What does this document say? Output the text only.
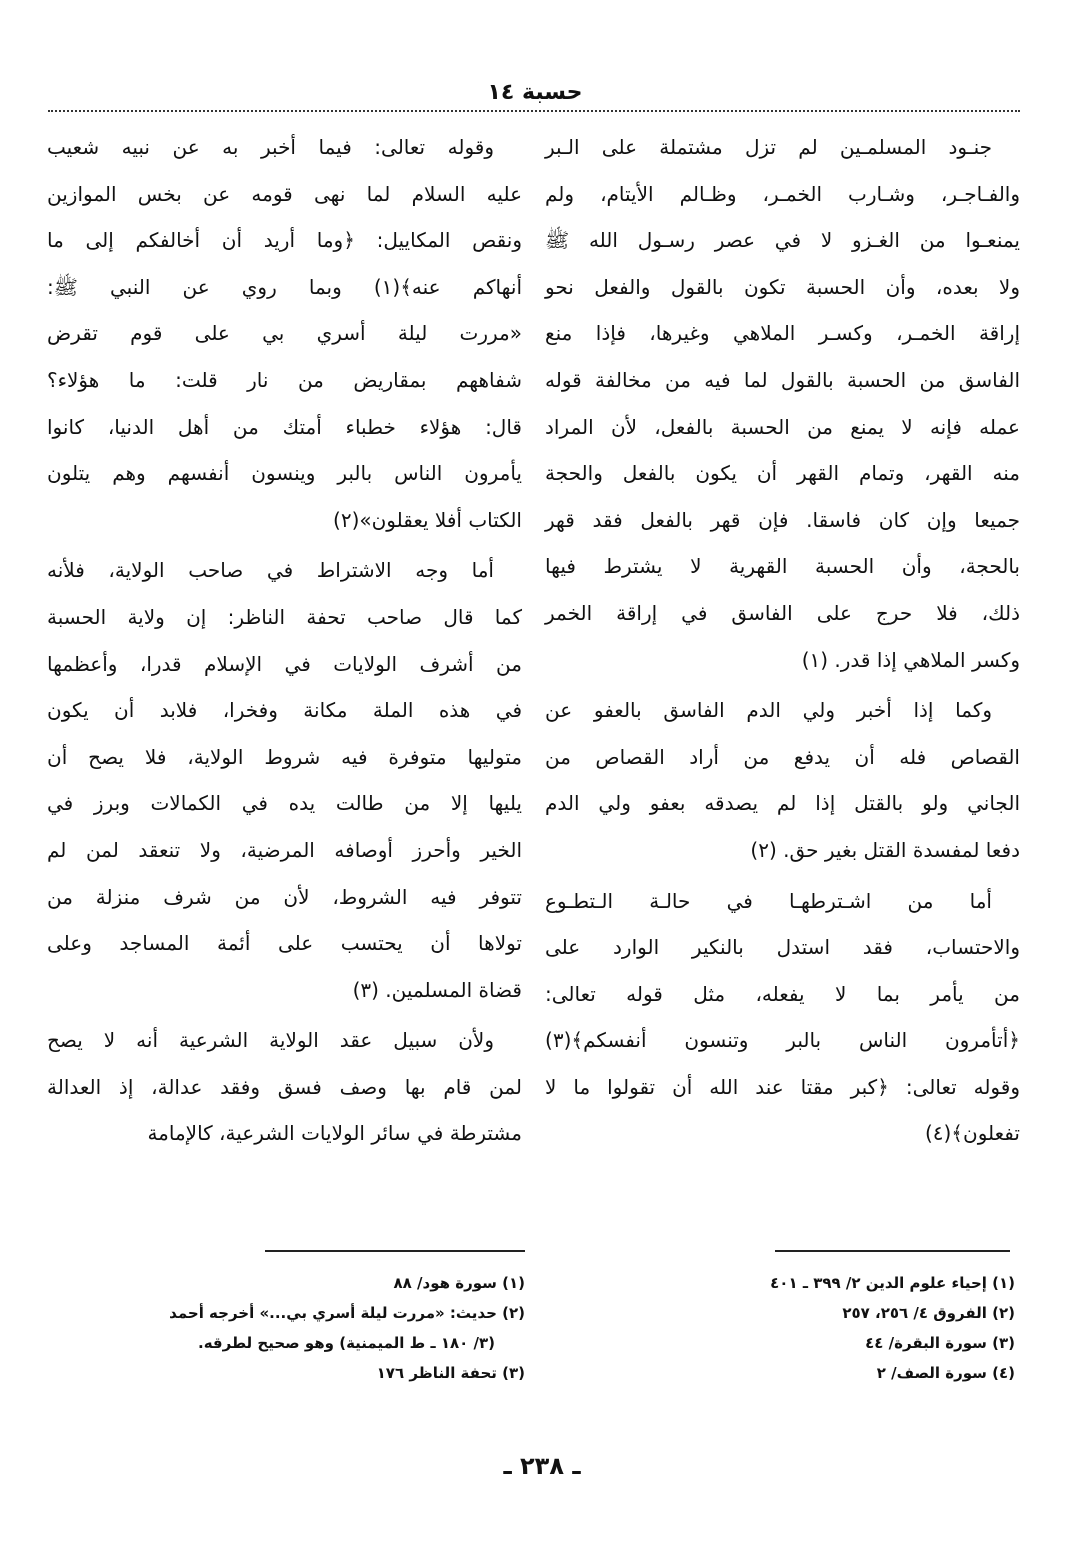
حسبة ١٤
جنـود المسلمـين لم تزل مشتملة على الـبر
والفـاجـر، وشـارب الخمـر، وظـالم الأيتام، ولم
يمنعـوا من الغـزو لا في عصر رسـول الله ﷺ
ولا بعده، وأن الحسبة تكون بالقول والفعل نحو
إراقة الخمـر، وكسـر الملاهي وغيرها، فإذا منع
الفاسق من الحسبة بالقول لما فيه من مخالفة قوله
عمله فإنه لا يمنع من الحسبة بالفعل، لأن المراد
منه القهر، وتمام القهر أن يكون بالفعل والحجة
جميعا وإن كان فاسقا. فإن قهر بالفعل فقد قهر
بالحجة، وأن الحسبة القهرية لا يشترط فيها
ذلك، فلا حرج على الفاسق في إراقة الخمر
وكسر الملاهي إذا قدر. (١)
وكما إذا أخبر ولي الدم الفاسق بالعفو عن
القصاص فله أن يدفع من أراد القصاص من
الجاني ولو بالقتل إذا لم يصدقه بعفو ولي الدم
دفعا لمفسدة القتل بغير حق. (٢)
أما من اشـترطهـا في حالـة الـتطـوع
والاحتساب، فقد استدل بالنكير الوارد على
من يأمر بما لا يفعله، مثل قوله تعالى:
﴿أتأمرون الناس بالبر وتنسون أنفسكم﴾(٣)
وقوله تعالى: ﴿كبر مقتا عند الله أن تقولوا ما لا
تفعلون﴾(٤)
وقوله تعالى: فيما أخبر به عن نبيه شعيب
عليه السلام لما نهى قومه عن بخس الموازين
ونقص المكاييل: ﴿وما أريد أن أخالفكم إلى ما
أنهاكم عنه﴾(١) وبما روي عن النبي ﷺ:
«مررت ليلة أسري بي على قوم تقرض
شفاههم بمقاريض من نار قلت: ما هؤلاء؟
قال: هؤلاء خطباء أمتك من أهل الدنيا، كانوا
يأمرون الناس بالبر وينسون أنفسهم وهم يتلون
الكتاب أفلا يعقلون»(٢)
أما وجه الاشتراط في صاحب الولاية، فلأنه
كما قال صاحب تحفة الناظر: إن ولاية الحسبة
من أشرف الولايات في الإسلام قدرا، وأعظمها
في هذه الملة مكانة وفخرا، فلابد أن يكون
متوليها متوفرة فيه شروط الولاية، فلا يصح أن
يليها إلا من طالت يده في الكمالات وبرز في
الخير وأحرز أوصافه المرضية، ولا تنعقد لمن لم
تتوفر فيه الشروط، لأن من شرف منزلة من
تولاها أن يحتسب على أئمة المساجد وعلى
قضاة المسلمين. (٣)
ولأن سبيل عقد الولاية الشرعية أنه لا يصح
لمن قام بها وصف فسق وفقد عدالة، إذ العدالة
مشترطة في سائر الولايات الشرعية، كالإمامة
(١) إحياء علوم الدين ٢/ ٣٩٩ ـ ٤٠١
(٢) الفروق ٤/ ٢٥٦، ٢٥٧
(٣) سورة البقرة/ ٤٤
(٤) سورة الصف/ ٢
(١) سورة هود/ ٨٨
(٢) حديث: «مررت ليلة أسري بي...» أخرجه أحمد
(٣/ ١٨٠ ـ ط الميمنية) وهو صحيح لطرقه.
(٣) تحفة الناظر ١٧٦
ـ ٢٣٨ ـ
